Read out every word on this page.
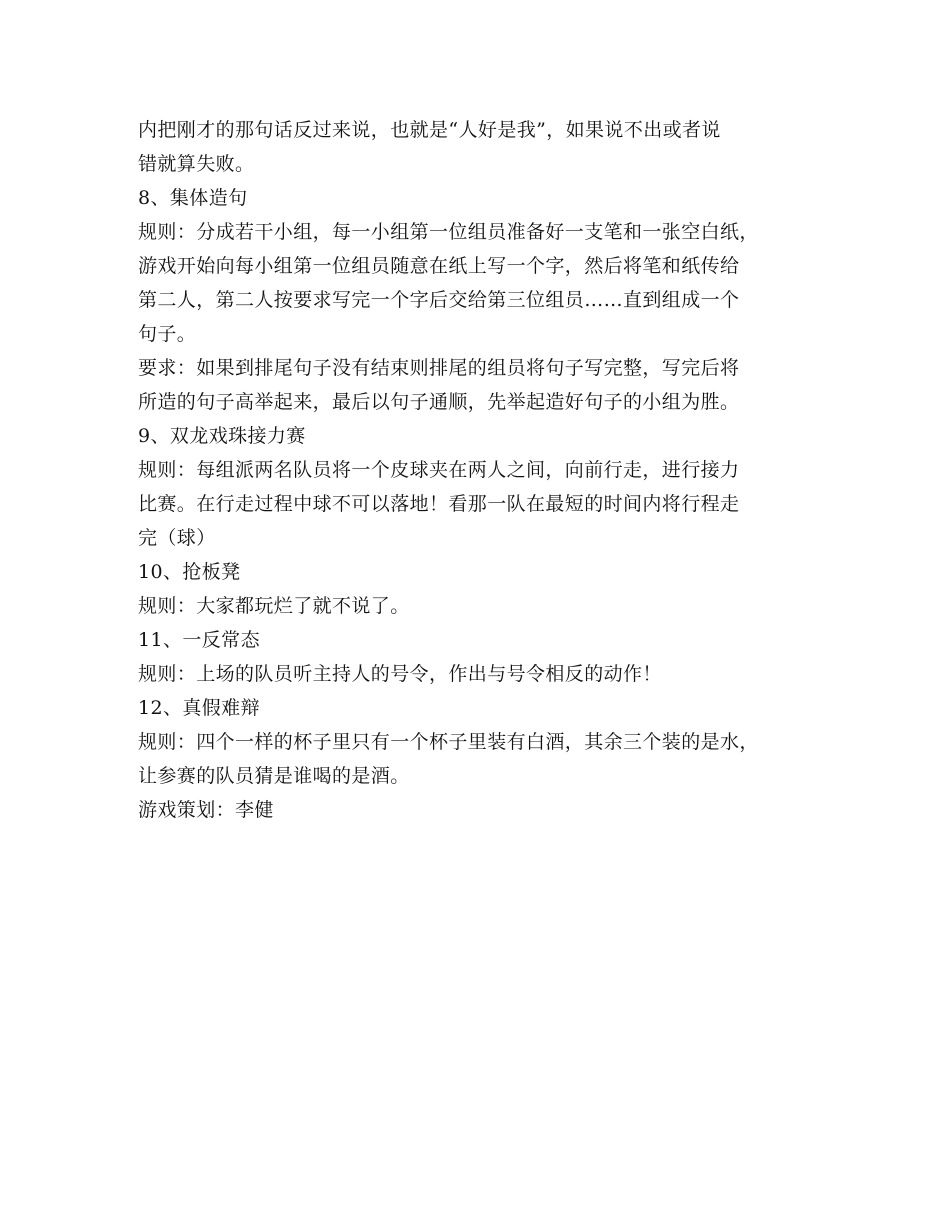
内把刚才的那句话反过来说，也就是“人好是我”，如果说不出或者说
错就算失败。
8、集体造句
规则：分成若干小组，每一小组第一位组员准备好一支笔和一张空白纸，
游戏开始向每小组第一位组员随意在纸上写一个字，然后将笔和纸传给
第二人，第二人按要求写完一个字后交给第三位组员……直到组成一个
句子。
要求：如果到排尾句子没有结束则排尾的组员将句子写完整，写完后将
所造的句子高举起来，最后以句子通顺，先举起造好句子的小组为胜。
9、双龙戏珠接力赛
规则：每组派两名队员将一个皮球夹在两人之间，向前行走，进行接力
比赛。在行走过程中球不可以落地！看那一队在最短的时间内将行程走
完（球）
10、抢板凳
规则：大家都玩烂了就不说了。
11、一反常态
规则：上场的队员听主持人的号令，作出与号令相反的动作！
12、真假难辩
规则：四个一样的杯子里只有一个杯子里装有白酒，其余三个装的是水，
让参赛的队员猜是谁喝的是酒。
游戏策划：李健
